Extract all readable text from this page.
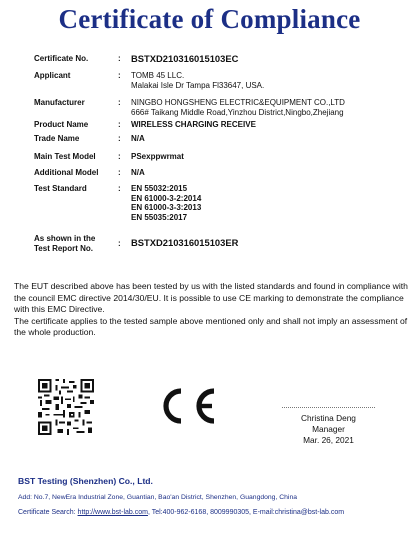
Certificate of Compliance
Certificate No.	: BSTXD210316015103EC
Applicant	: TOMB 45 LLC.
Malakai Isle Dr Tampa Fl33647, USA.
Manufacturer	: NINGBO HONGSHENG ELECTRIC&EQUIPMENT CO.,LTD
666# Taikang Middle Road,Yinzhou District,Ningbo,Zhejiang
Product Name	: WIRELESS CHARGING RECEIVE
Trade Name	: N/A
Main Test Model	: PSexppwrmat
Additional Model	: N/A
Test Standard	: EN 55032:2015
EN 61000-3-2:2014
EN 61000-3-3:2013
EN 55035:2017
As shown in the
Test Report No.	: BSTXD210316015103ER

The EUT described above has been tested by us with the listed standards and found in compliance with the council EMC directive 2014/30/EU. It is possible to use CE marking to demonstrate the compliance with this EMC Directive.

The certificate applies to the tested sample above mentioned only and shall not imply an assessment of the whole production.

Christina Deng
Manager
Mar. 26, 2021
BST Testing (Shenzhen) Co., Ltd.
Add: No.7, NewEra Industrial Zone, Guantian, Bao'an District, Shenzhen, Guangdong, China
Certificate Search: http://www.bst-lab.com, Tel:400-962-6168, 8009990305, E-mail:christina@bst-lab.com
